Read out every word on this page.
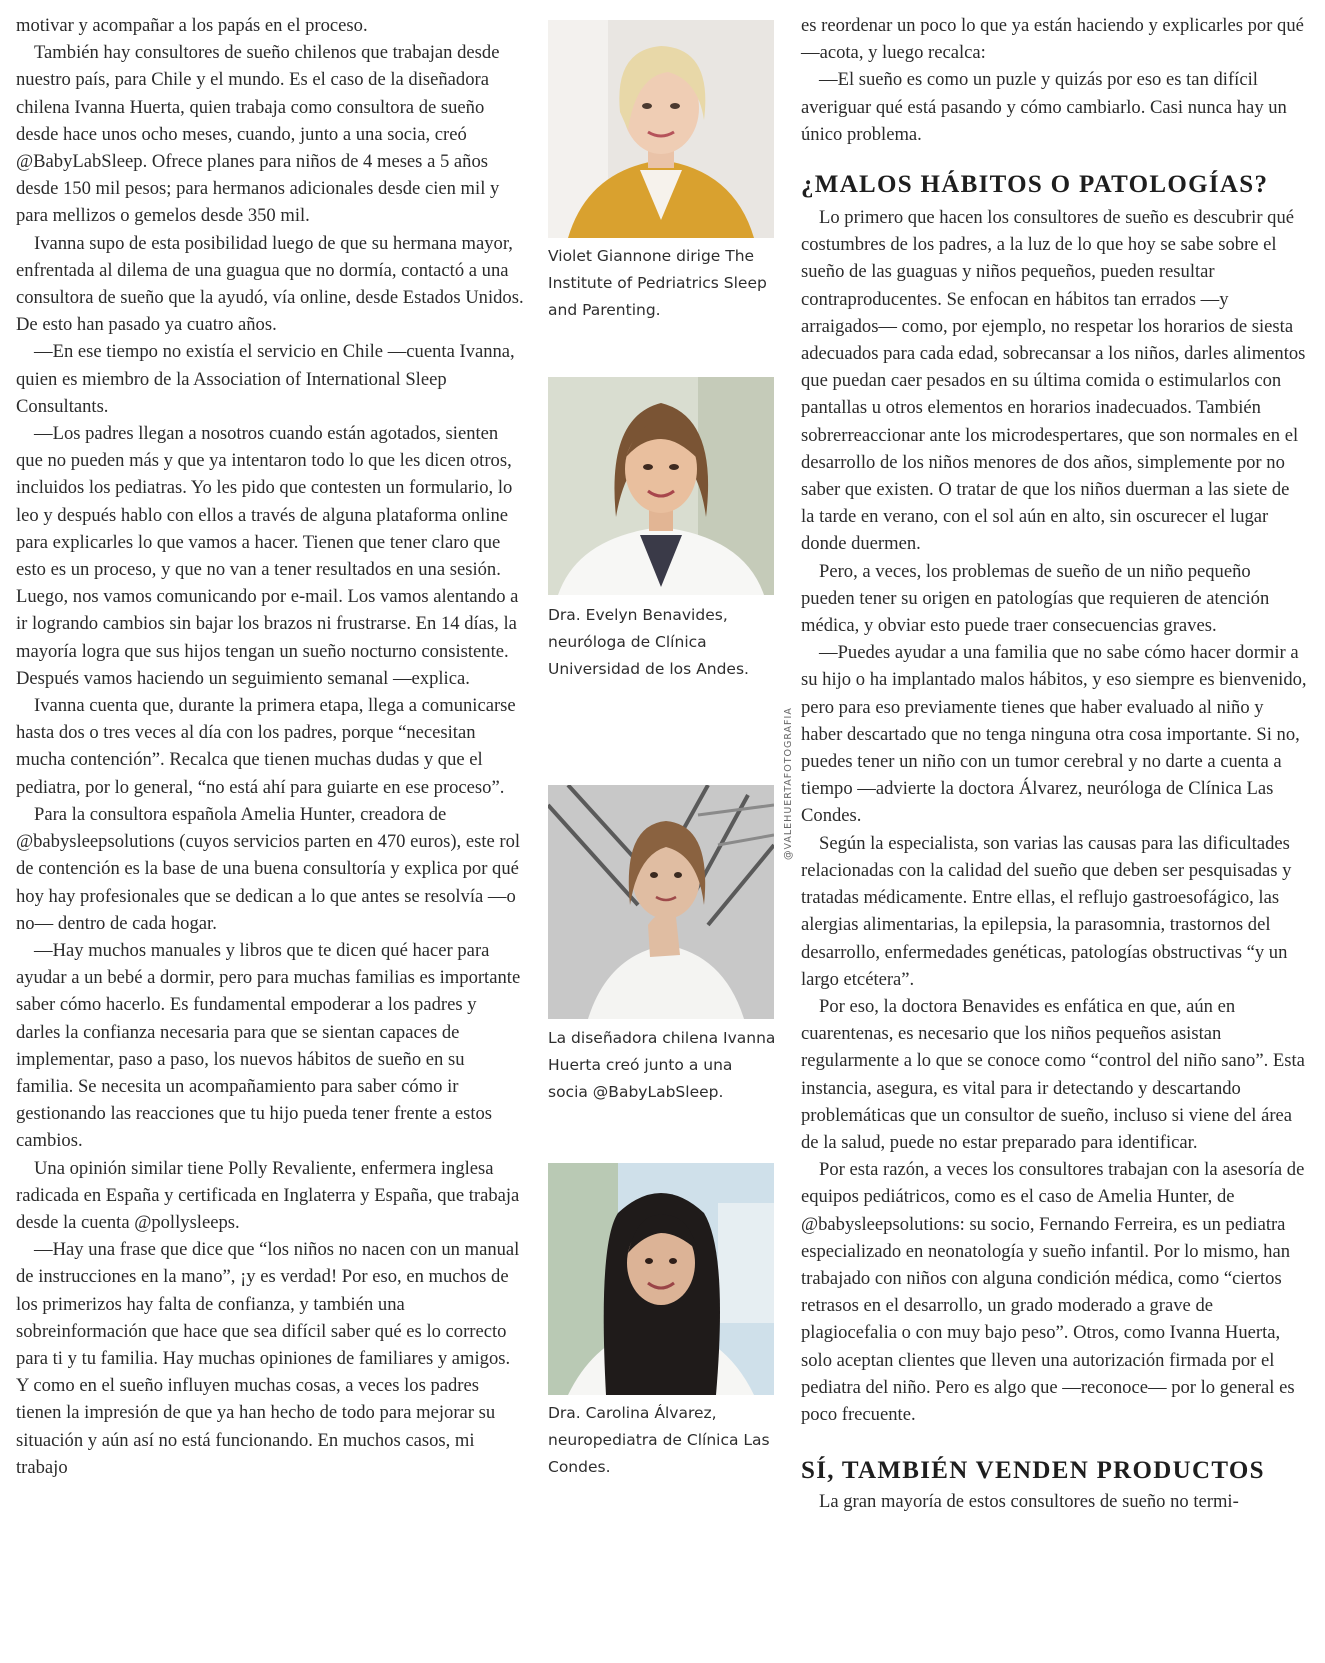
motivar y acompañar a los papás en el proceso.

También hay consultores de sueño chilenos que trabajan desde nuestro país, para Chile y el mundo. Es el caso de la diseñadora chilena Ivanna Huerta, quien trabaja como consultora de sueño desde hace unos ocho meses, cuando, junto a una socia, creó @BabyLabSleep. Ofrece planes para niños de 4 meses a 5 años desde 150 mil pesos; para hermanos adicionales desde cien mil y para mellizos o gemelos desde 350 mil.

Ivanna supo de esta posibilidad luego de que su hermana mayor, enfrentada al dilema de una guagua que no dormía, contactó a una consultora de sueño que la ayudó, vía online, desde Estados Unidos. De esto han pasado ya cuatro años.

—En ese tiempo no existía el servicio en Chile —cuenta Ivanna, quien es miembro de la Association of International Sleep Consultants.

—Los padres llegan a nosotros cuando están agotados, sienten que no pueden más y que ya intentaron todo lo que les dicen otros, incluidos los pediatras. Yo les pido que contesten un formulario, lo leo y después hablo con ellos a través de alguna plataforma online para explicarles lo que vamos a hacer. Tienen que tener claro que esto es un proceso, y que no van a tener resultados en una sesión. Luego, nos vamos comunicando por e-mail. Los vamos alentando a ir logrando cambios sin bajar los brazos ni frustrarse. En 14 días, la mayoría logra que sus hijos tengan un sueño nocturno consistente. Después vamos haciendo un seguimiento semanal —explica.

Ivanna cuenta que, durante la primera etapa, llega a comunicarse hasta dos o tres veces al día con los padres, porque “necesitan mucha contención”. Recalca que tienen muchas dudas y que el pediatra, por lo general, “no está ahí para guiarte en ese proceso”.

Para la consultora española Amelia Hunter, creadora de @babysleepsolutions (cuyos servicios parten en 470 euros), este rol de contención es la base de una buena consultoría y explica por qué hoy hay profesionales que se dedican a lo que antes se resolvía —o no— dentro de cada hogar.

—Hay muchos manuales y libros que te dicen qué hacer para ayudar a un bebé a dormir, pero para muchas familias es importante saber cómo hacerlo. Es fundamental empoderar a los padres y darles la confianza necesaria para que se sientan capaces de implementar, paso a paso, los nuevos hábitos de sueño en su familia. Se necesita un acompañamiento para saber cómo ir gestionando las reacciones que tu hijo pueda tener frente a estos cambios.

Una opinión similar tiene Polly Revaliente, enfermera inglesa radicada en España y certificada en Inglaterra y España, que trabaja desde la cuenta @pollysleeps.

—Hay una frase que dice que “los niños no nacen con un manual de instrucciones en la mano”, ¡y es verdad! Por eso, en muchos de los primerizos hay falta de confianza, y también una sobreinformación que hace que sea difícil saber qué es lo correcto para ti y tu familia. Hay muchas opiniones de familiares y amigos. Y como en el sueño influyen muchas cosas, a veces los padres tienen la impresión de que ya han hecho de todo para mejorar su situación y aún así no está funcionando. En muchos casos, mi trabajo

Violet Giannone dirige The Institute of Pedriatrics Sleep and Parenting.
Dra. Evelyn Benavides, neuróloga de Clínica Universidad de los Andes.
@VALEHUERTAFOTOGRAFIA
La diseñadora chilena Ivanna Huerta creó junto a una socia @BabyLabSleep.
Dra. Carolina Álvarez, neuropediatra de Clínica Las Condes.

es reordenar un poco lo que ya están haciendo y explicarles por qué —acota, y luego recalca:

—El sueño es como un puzle y quizás por eso es tan difícil averiguar qué está pasando y cómo cambiarlo. Casi nunca hay un único problema.

¿MALOS HÁBITOS O PATOLOGÍAS?

Lo primero que hacen los consultores de sueño es descubrir qué costumbres de los padres, a la luz de lo que hoy se sabe sobre el sueño de las guaguas y niños pequeños, pueden resultar contraproducentes. Se enfocan en hábitos tan errados —y arraigados— como, por ejemplo, no respetar los horarios de siesta adecuados para cada edad, sobrecansar a los niños, darles alimentos que puedan caer pesados en su última comida o estimularlos con pantallas u otros elementos en horarios inadecuados. También sobrerreaccionar ante los microdespertares, que son normales en el desarrollo de los niños menores de dos años, simplemente por no saber que existen. O tratar de que los niños duerman a las siete de la tarde en verano, con el sol aún en alto, sin oscurecer el lugar donde duermen.

Pero, a veces, los problemas de sueño de un niño pequeño pueden tener su origen en patologías que requieren de atención médica, y obviar esto puede traer consecuencias graves.

—Puedes ayudar a una familia que no sabe cómo hacer dormir a su hijo o ha implantado malos hábitos, y eso siempre es bienvenido, pero para eso previamente tienes que haber evaluado al niño y haber descartado que no tenga ninguna otra cosa importante. Si no, puedes tener un niño con un tumor cerebral y no darte a cuenta a tiempo —advierte la doctora Álvarez, neuróloga de Clínica Las Condes.

Según la especialista, son varias las causas para las dificultades relacionadas con la calidad del sueño que deben ser pesquisadas y tratadas médicamente. Entre ellas, el reflujo gastroesofágico, las alergias alimentarias, la epilepsia, la parasomnia, trastornos del desarrollo, enfermedades genéticas, patologías obstructivas “y un largo etcétera”.

Por eso, la doctora Benavides es enfática en que, aún en cuarentenas, es necesario que los niños pequeños asistan regularmente a lo que se conoce como “control del niño sano”. Esta instancia, asegura, es vital para ir detectando y descartando problemáticas que un consultor de sueño, incluso si viene del área de la salud, puede no estar preparado para identificar.

Por esta razón, a veces los consultores trabajan con la asesoría de equipos pediátricos, como es el caso de Amelia Hunter, de @babysleepsolutions: su socio, Fernando Ferreira, es un pediatra especializado en neonatología y sueño infantil. Por lo mismo, han trabajado con niños con alguna condición médica, como “ciertos retrasos en el desarrollo, un grado moderado a grave de plagiocefalia o con muy bajo peso”. Otros, como Ivanna Huerta, solo aceptan clientes que lleven una autorización firmada por el pediatra del niño. Pero es algo que —reconoce— por lo general es poco frecuente.

SÍ, TAMBIÉN VENDEN PRODUCTOS

La gran mayoría de estos consultores de sueño no termi-
